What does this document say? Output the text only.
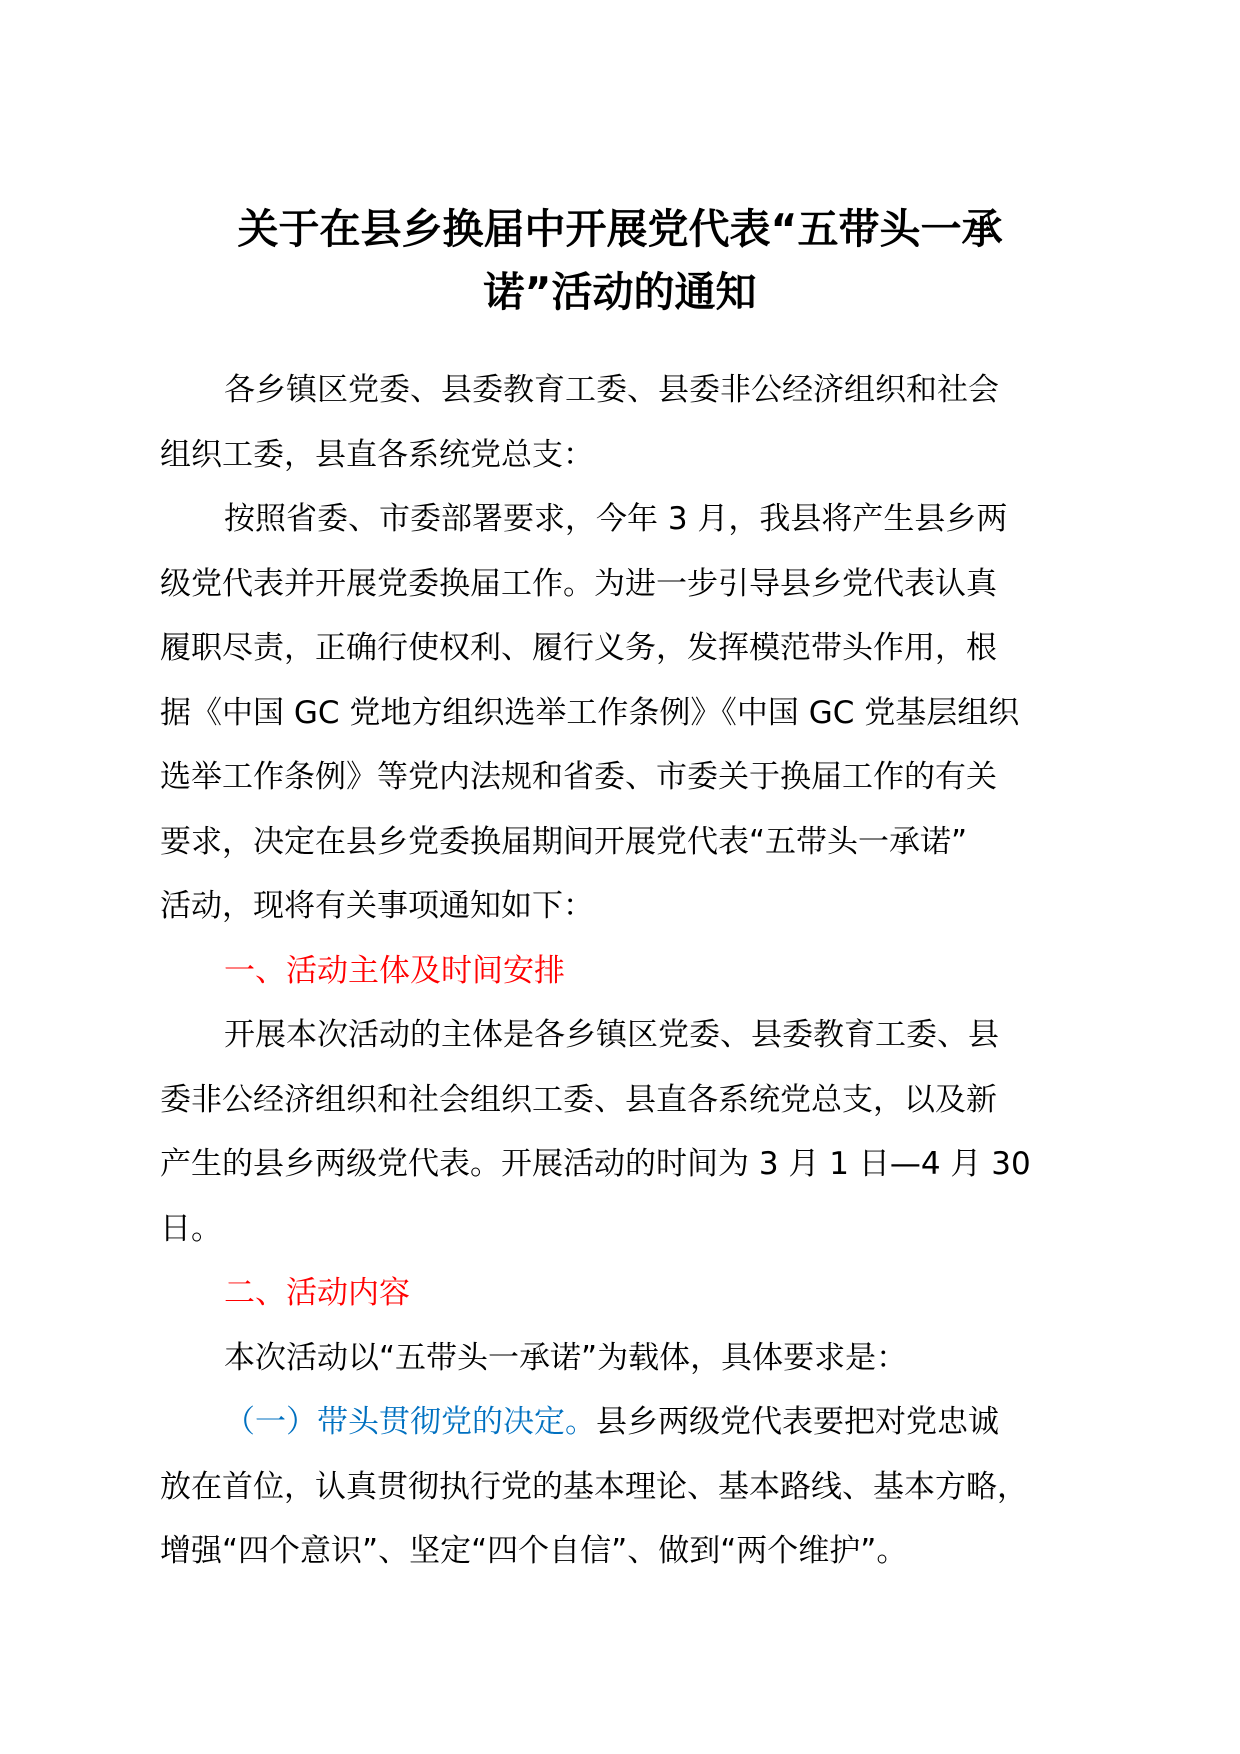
关于在县乡换届中开展党代表“五带头一承
诺”活动的通知
各乡镇区党委、县委教育工委、县委非公经济组织和社会
组织工委，县直各系统党总支：
按照省委、市委部署要求，今年 3 月，我县将产生县乡两
级党代表并开展党委换届工作。为进一步引导县乡党代表认真
履职尽责，正确行使权利、履行义务，发挥模范带头作用，根
据《中国 GC 党地方组织选举工作条例》《中国 GC 党基层组织
选举工作条例》等党内法规和省委、市委关于换届工作的有关
要求，决定在县乡党委换届期间开展党代表“五带头一承诺”
活动，现将有关事项通知如下：
一、活动主体及时间安排
开展本次活动的主体是各乡镇区党委、县委教育工委、县
委非公经济组织和社会组织工委、县直各系统党总支，以及新
产生的县乡两级党代表。开展活动的时间为 3 月 1 日—4 月 30
日。
二、活动内容
本次活动以“五带头一承诺”为载体，具体要求是：
（一）带头贯彻党的决定。县乡两级党代表要把对党忠诚
放在首位，认真贯彻执行党的基本理论、基本路线、基本方略，
增强“四个意识”、坚定“四个自信”、做到“两个维护”。
